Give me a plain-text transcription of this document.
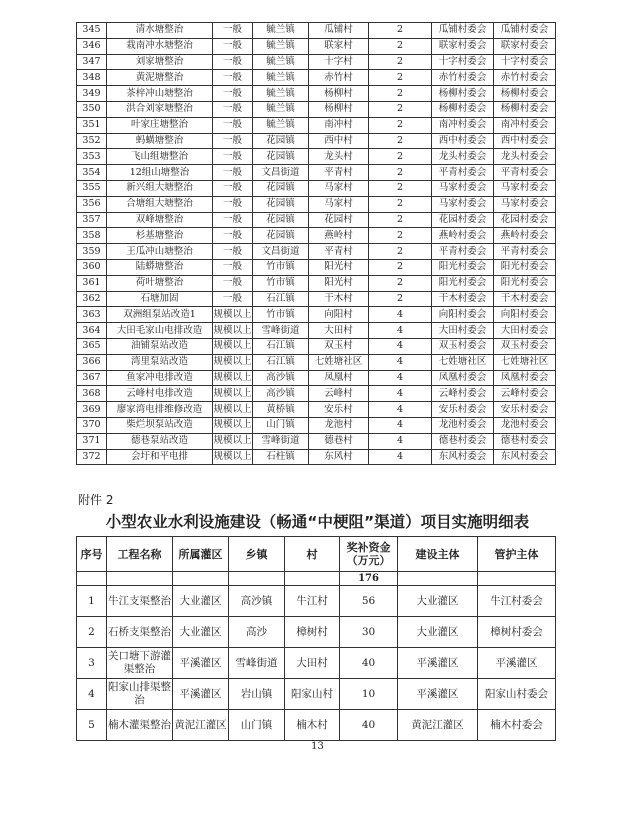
345	清水塘整治	一般	毓兰镇	瓜铺村	2	瓜铺村委会	瓜铺村委会
346	栽南冲水塘整治	一般	毓兰镇	联家村	2	联家村委会	联家村委会
347	刘家塘整治	一般	毓兰镇	十字村	2	十字村委会	十字村委会
348	黄泥塘整治	一般	毓兰镇	赤竹村	2	赤竹村委会	赤竹村委会
349	茶梓冲山塘整治	一般	毓兰镇	杨柳村	2	杨柳村委会	杨柳村委会
350	洪合刘家塘整治	一般	毓兰镇	杨柳村	2	杨柳村委会	杨柳村委会
351	叶家庄塘整治	一般	毓兰镇	南冲村	2	南冲村委会	南冲村委会
352	蚂蟥塘整治	一般	花园镇	西中村	2	西中村委会	西中村委会
353	飞山组塘整治	一般	花园镇	龙头村	2	龙头村委会	龙头村委会
354	12组山塘整治	一般	文昌街道	平青村	2	平青村委会	平青村委会
355	新兴组大塘整治	一般	花园镇	马家村	2	马家村委会	马家村委会
356	合塘组大塘整治	一般	花园镇	马家村	2	马家村委会	马家村委会
357	双峰塘整治	一般	花园镇	花园村	2	花园村委会	花园村委会
358	杉基塘整治	一般	花园镇	燕岭村	2	燕岭村委会	燕岭村委会
359	王瓜冲山塘整治	一般	文昌街道	平青村	2	平青村委会	平青村委会
360	陆蟒塘整治	一般	竹市镇	阳光村	2	阳光村委会	阳光村委会
361	荷叶塘整治	一般	竹市镇	阳光村	2	阳光村委会	阳光村委会
362	石塘加固	一般	石江镇	干木村	2	干木村委会	干木村委会
363	双洲组泵站改造1	规模以上	竹市镇	向阳村	4	向阳村委会	向阳村委会
364	大田毛家山电排改造	规模以上	雪峰街道	大田村	4	大田村委会	大田村委会
365	油铺泵站改造	规模以上	石江镇	双玉村	4	双玉村委会	双玉村委会
366	湾里泵站改造	规模以上	石江镇	七姓塘社区	4	七姓塘社区	七姓塘社区
367	鱼家冲电排改造	规模以上	高沙镇	凤凰村	4	凤凰村委会	凤凰村委会
368	云峰村电排改造	规模以上	高沙镇	云峰村	4	云峰村委会	云峰村委会
369	廖家湾电排维修改造	规模以上	黄桥镇	安乐村	4	安乐村委会	安乐村委会
370	柴烂坝泵站改造	规模以上	山门镇	龙池村	4	龙池村委会	龙池村委会
371	德巷泵站改造	规模以上	雪峰街道	德巷村	4	德巷村委会	德巷村委会
372	会圩和平电排	规模以上	石柱镇	东风村	4	东风村委会	东风村委会
附件 2
小型农业水利设施建设（畅通“中梗阻”渠道）项目实施明细表
序号	工程名称	所属灌区	乡镇	村	奖补资金（万元）	建设主体	管护主体
					176		
1	牛江支渠整治	大业灌区	高沙镇	牛江村	56	大业灌区	牛江村委会
2	石桥支渠整治	大业灌区	高沙	樟树村	30	大业灌区	樟树村委会
3	关口塘下游灌渠整治	平溪灌区	雪峰街道	大田村	40	平溪灌区	平溪灌区
4	阳家山排渠整治	平溪灌区	岩山镇	阳家山村	10	平溪灌区	阳家山村委会
5	楠木灌渠整治	黄泥江灌区	山门镇	楠木村	40	黄泥江灌区	楠木村委会
13
